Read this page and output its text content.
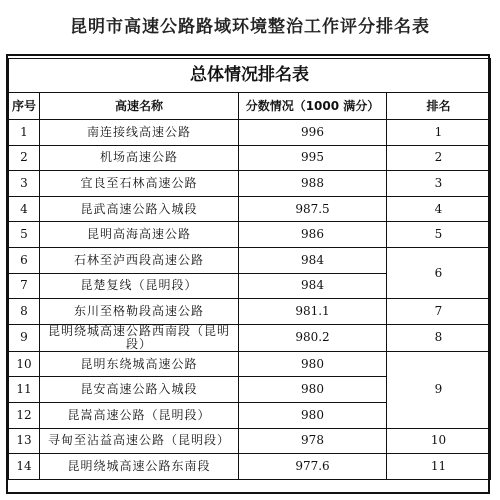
昆明市高速公路路域环境整治工作评分排名表
总体情况排名表			
序号	高速名称	分数情况（1000 满分）	排名
1	南连接线高速公路	996	1
2	机场高速公路	995	2
3	宜良至石林高速公路	988	3
4	昆武高速公路入城段	987.5	4
5	昆明高海高速公路	986	5
6	石林至泸西段高速公路	984	6
7	昆楚复线（昆明段）	984	
8	东川至格勒段高速公路	981.1	7
9	昆明绕城高速公路西南段（昆明段）	980.2	8
10	昆明东绕城高速公路	980	9
11	昆安高速公路入城段	980	
12	昆嵩高速公路（昆明段）	980	
13	寻甸至沾益高速公路（昆明段）	978	10
14	昆明绕城高速公路东南段	977.6	11
